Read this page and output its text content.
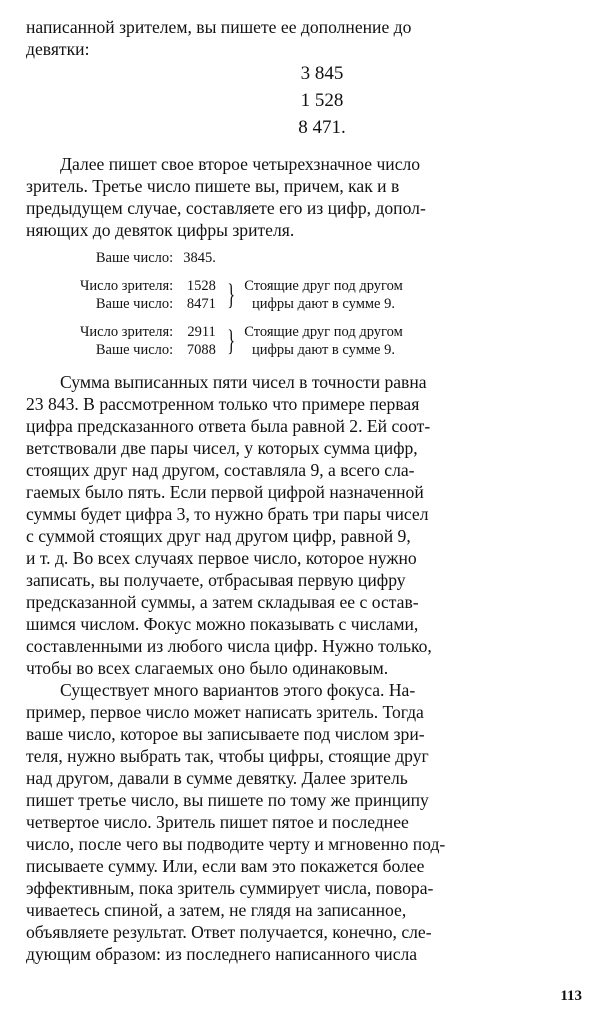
написанной зрителем, вы пишете ее дополнение до
девятки:

3 845
1 528
8 471.

Далее пишет свое второе четырехзначное число
зритель. Третье число пишете вы, причем, как и в
предыдущем случае, составляете его из цифр, допол-
няющих до девяток цифры зрителя.

Ваше число:	3845.		

Число зрителя:	1528	}	Стоящие друг под другом
цифры дают в сумме 9.
Ваше число:	8471		

Число зрителя:	2911	}	Стоящие друг под другом
цифры дают в сумме 9.
Ваше число:	7088		

Сумма выписанных пяти чисел в точности равна
23 843. В рассмотренном только что примере первая
цифра предсказанного ответа была равной 2. Ей соот-
ветствовали две пары чисел, у которых сумма цифр,
стоящих друг над другом, составляла 9, а всего сла-
гаемых было пять. Если первой цифрой назначенной
суммы будет цифра 3, то нужно брать три пары чисел
с суммой стоящих друг над другом цифр, равной 9,
и т. д. Во всех случаях первое число, которое нужно
записать, вы получаете, отбрасывая первую цифру
предсказанной суммы, а затем складывая ее с остав-
шимся числом. Фокус можно показывать с числами,
составленными из любого числа цифр. Нужно только,
чтобы во всех слагаемых оно было одинаковым.

Существует много вариантов этого фокуса. На-
пример, первое число может написать зритель. Тогда
ваше число, которое вы записываете под числом зри-
теля, нужно выбрать так, чтобы цифры, стоящие друг
над другом, давали в сумме девятку. Далее зритель
пишет третье число, вы пишете по тому же принципу
четвертое число. Зритель пишет пятое и последнее
число, после чего вы подводите черту и мгновенно под-
писываете сумму. Или, если вам это покажется более
эффективным, пока зритель суммирует числа, повора-
чиваетесь спиной, а затем, не глядя на записанное,
объявляете результат. Ответ получается, конечно, сле-
дующим образом: из последнего написанного числа

113
